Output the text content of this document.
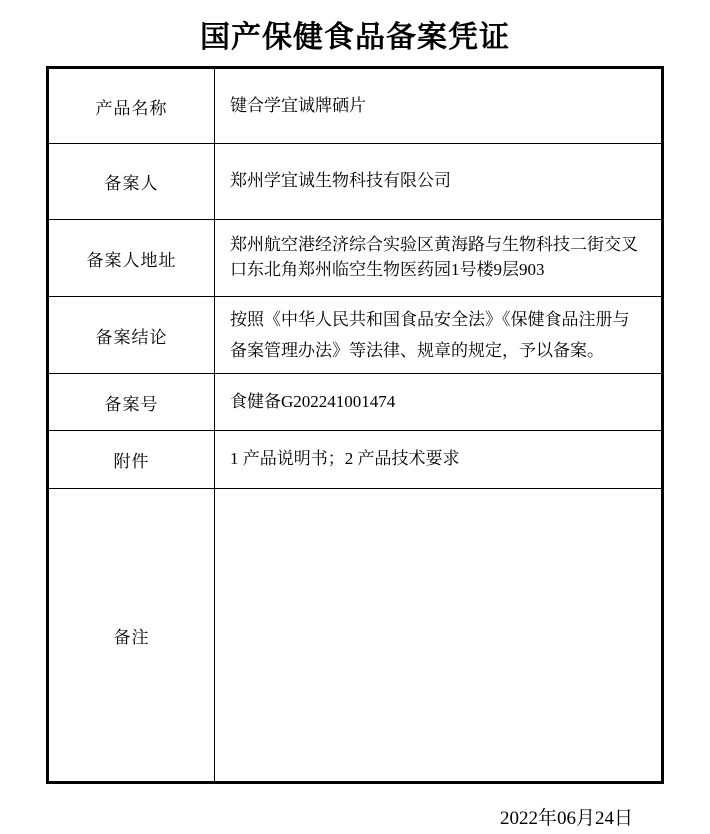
国产保健食品备案凭证
产品名称	键合学宜诚牌硒片
备案人	郑州学宜诚生物科技有限公司
备案人地址	郑州航空港经济综合实验区黄海路与生物科技二街交叉口东北角郑州临空生物医药园1号楼9层903
备案结论	按照《中华人民共和国食品安全法》《保健食品注册与备案管理办法》等法律、规章的规定，予以备案。
备案号	食健备G202241001474
附件	1 产品说明书；2 产品技术要求
备注	
2022年06月24日
